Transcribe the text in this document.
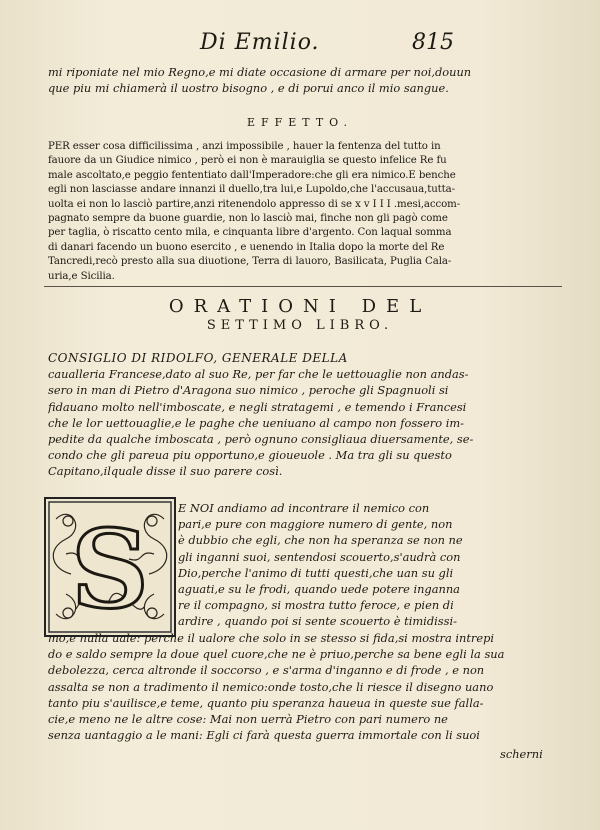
Di Emilio.	815
mi riponiate nel mio Regno,e mi diate occasione di armare per noi,douun
que piu mi chiamerà il uostro bisogno , e di porui anco il mio sangue.
EFFETTO.
PER esser cosa difficilissima , anzi impossibile , hauer la fentenza del tutto in
fauore da un Giudice nimico , però ei non è marauiglia se questo infelice Re fu
male ascoltato,e peggio fententiato dall'Imperadore:che gli era nimico.E benche
egli non lasciasse andare innanzi il duello,tra lui,e Lupoldo,che l'accusaua,tutta-
uolta ei non lo lasciò partire,anzi ritenendolo appresso di se x v I I I .mesi,accom-
pagnato sempre da buone guardie, non lo lasciò mai, finche non gli pagò come
per taglia, ò riscatto cento mila, e cinquanta libre d'argento. Con laqual somma
di danari facendo un buono esercito , e uenendo in Italia dopo la morte del Re
Tancredi,recò presto alla sua diuotione, Terra di lauoro, Basilicata, Puglia Cala-
uria,e Sicilia.
ORATIONI DEL
SETTIMO LIBRO.
CONSIGLIO DI RIDOLFO, GENERALE DELLA
caualleria Francese,dato al suo Re, per far che le uettouaglie non andas-
sero in man di Pietro d'Aragona suo nimico , peroche gli Spagnuoli si
fidauano molto nell'imboscate, e negli stratagemi , e temendo i Francesi
che le lor uettouaglie,e le paghe che ueniuano al campo non fossero im-
pedite da qualche imboscata , però ognuno consigliaua diuersamente, se-
condo che gli pareua piu opportuno,e gioueuole . Ma tra gli su questo
Capitano,ilquale disse il suo parere così.
S	E NOI andiamo ad incontrare il nemico con
pari,e pure con maggiore numero di gente, non
è dubbio che egli, che non ha speranza se non ne
gli inganni suoi, sentendosi scouerto,s'audrà con
Dio,perche l'animo di tutti questi,che uan su gli
aguati,e su le frodi, quando uede potere inganna
re il compagno, si mostra tutto feroce, e pien di
ardire , quando poi si sente scouerto è timidissi-
mo,e nulla uale: perche il ualore che solo in se stesso si fida,si mostra intrepi
do e saldo sempre la doue quel cuore,che ne è priuo,perche sa bene egli la sua
debolezza, cerca altronde il soccorso , e s'arma d'inganno e di frode , e non
assalta se non a tradimento il nemico:onde tosto,che li riesce il disegno uano
tanto piu s'auilisce,e teme, quanto piu speranza haueua in queste sue falla-
cie,e meno ne le altre cose: Mai non uerrà Pietro con pari numero ne
senza uantaggio a le mani: Egli ci farà questa guerra immortale con li suoi
scherni
